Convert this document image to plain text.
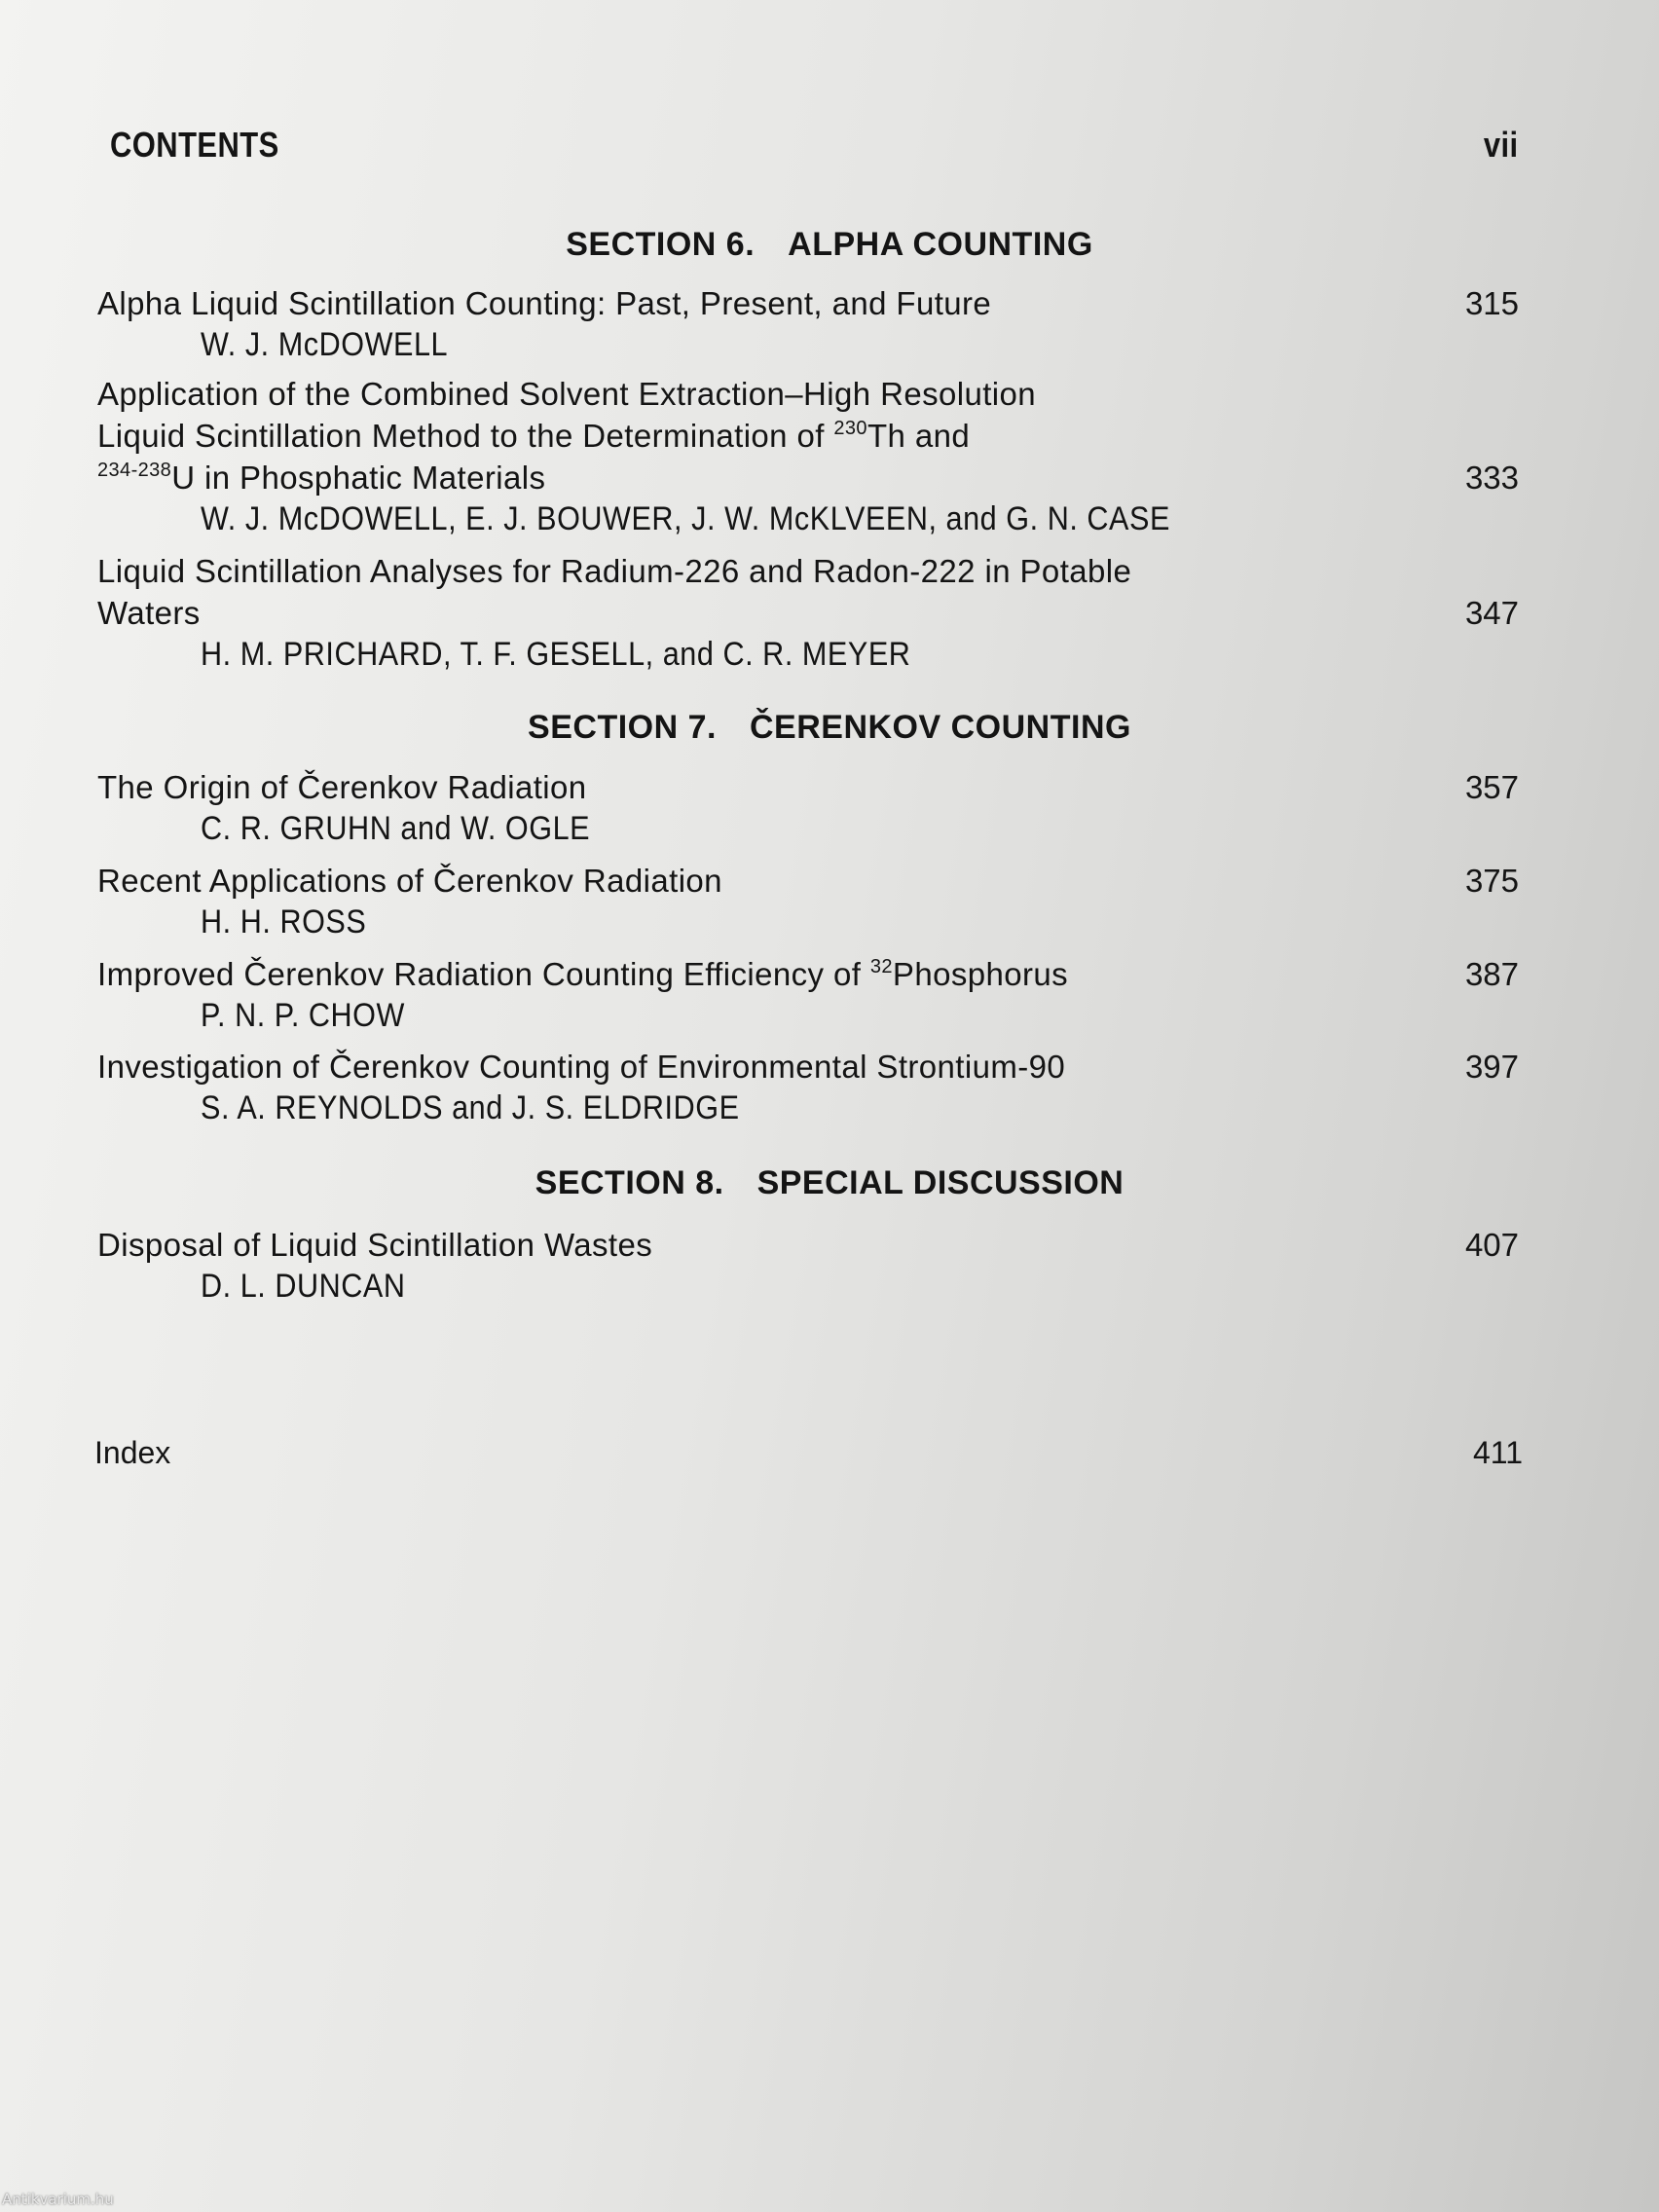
CONTENTS	vii
SECTION 6. ALPHA COUNTING
Alpha Liquid Scintillation Counting: Past, Present, and Future
W. J. McDOWELL
315
Application of the Combined Solvent Extraction–High Resolution
Liquid Scintillation Method to the Determination of $^{230}$Th and
$^{234-238}$U in Phosphatic Materials
W. J. McDOWELL, E. J. BOUWER, J. W. McKLVEEN, and G. N. CASE
333
Liquid Scintillation Analyses for Radium-226 and Radon-222 in Potable
Waters
H. M. PRICHARD, T. F. GESELL, and C. R. MEYER
347
SECTION 7. ČERENKOV COUNTING
The Origin of Čerenkov Radiation
C. R. GRUHN and W. OGLE
357
Recent Applications of Čerenkov Radiation
H. H. ROSS
375
Improved Čerenkov Radiation Counting Efficiency of $^{32}$Phosphorus
P. N. P. CHOW
387
Investigation of Čerenkov Counting of Environmental Strontium-90
S. A. REYNOLDS and J. S. ELDRIDGE
397
SECTION 8. SPECIAL DISCUSSION
Disposal of Liquid Scintillation Wastes
D. L. DUNCAN
407
Index	411
Antikvarium.hu
